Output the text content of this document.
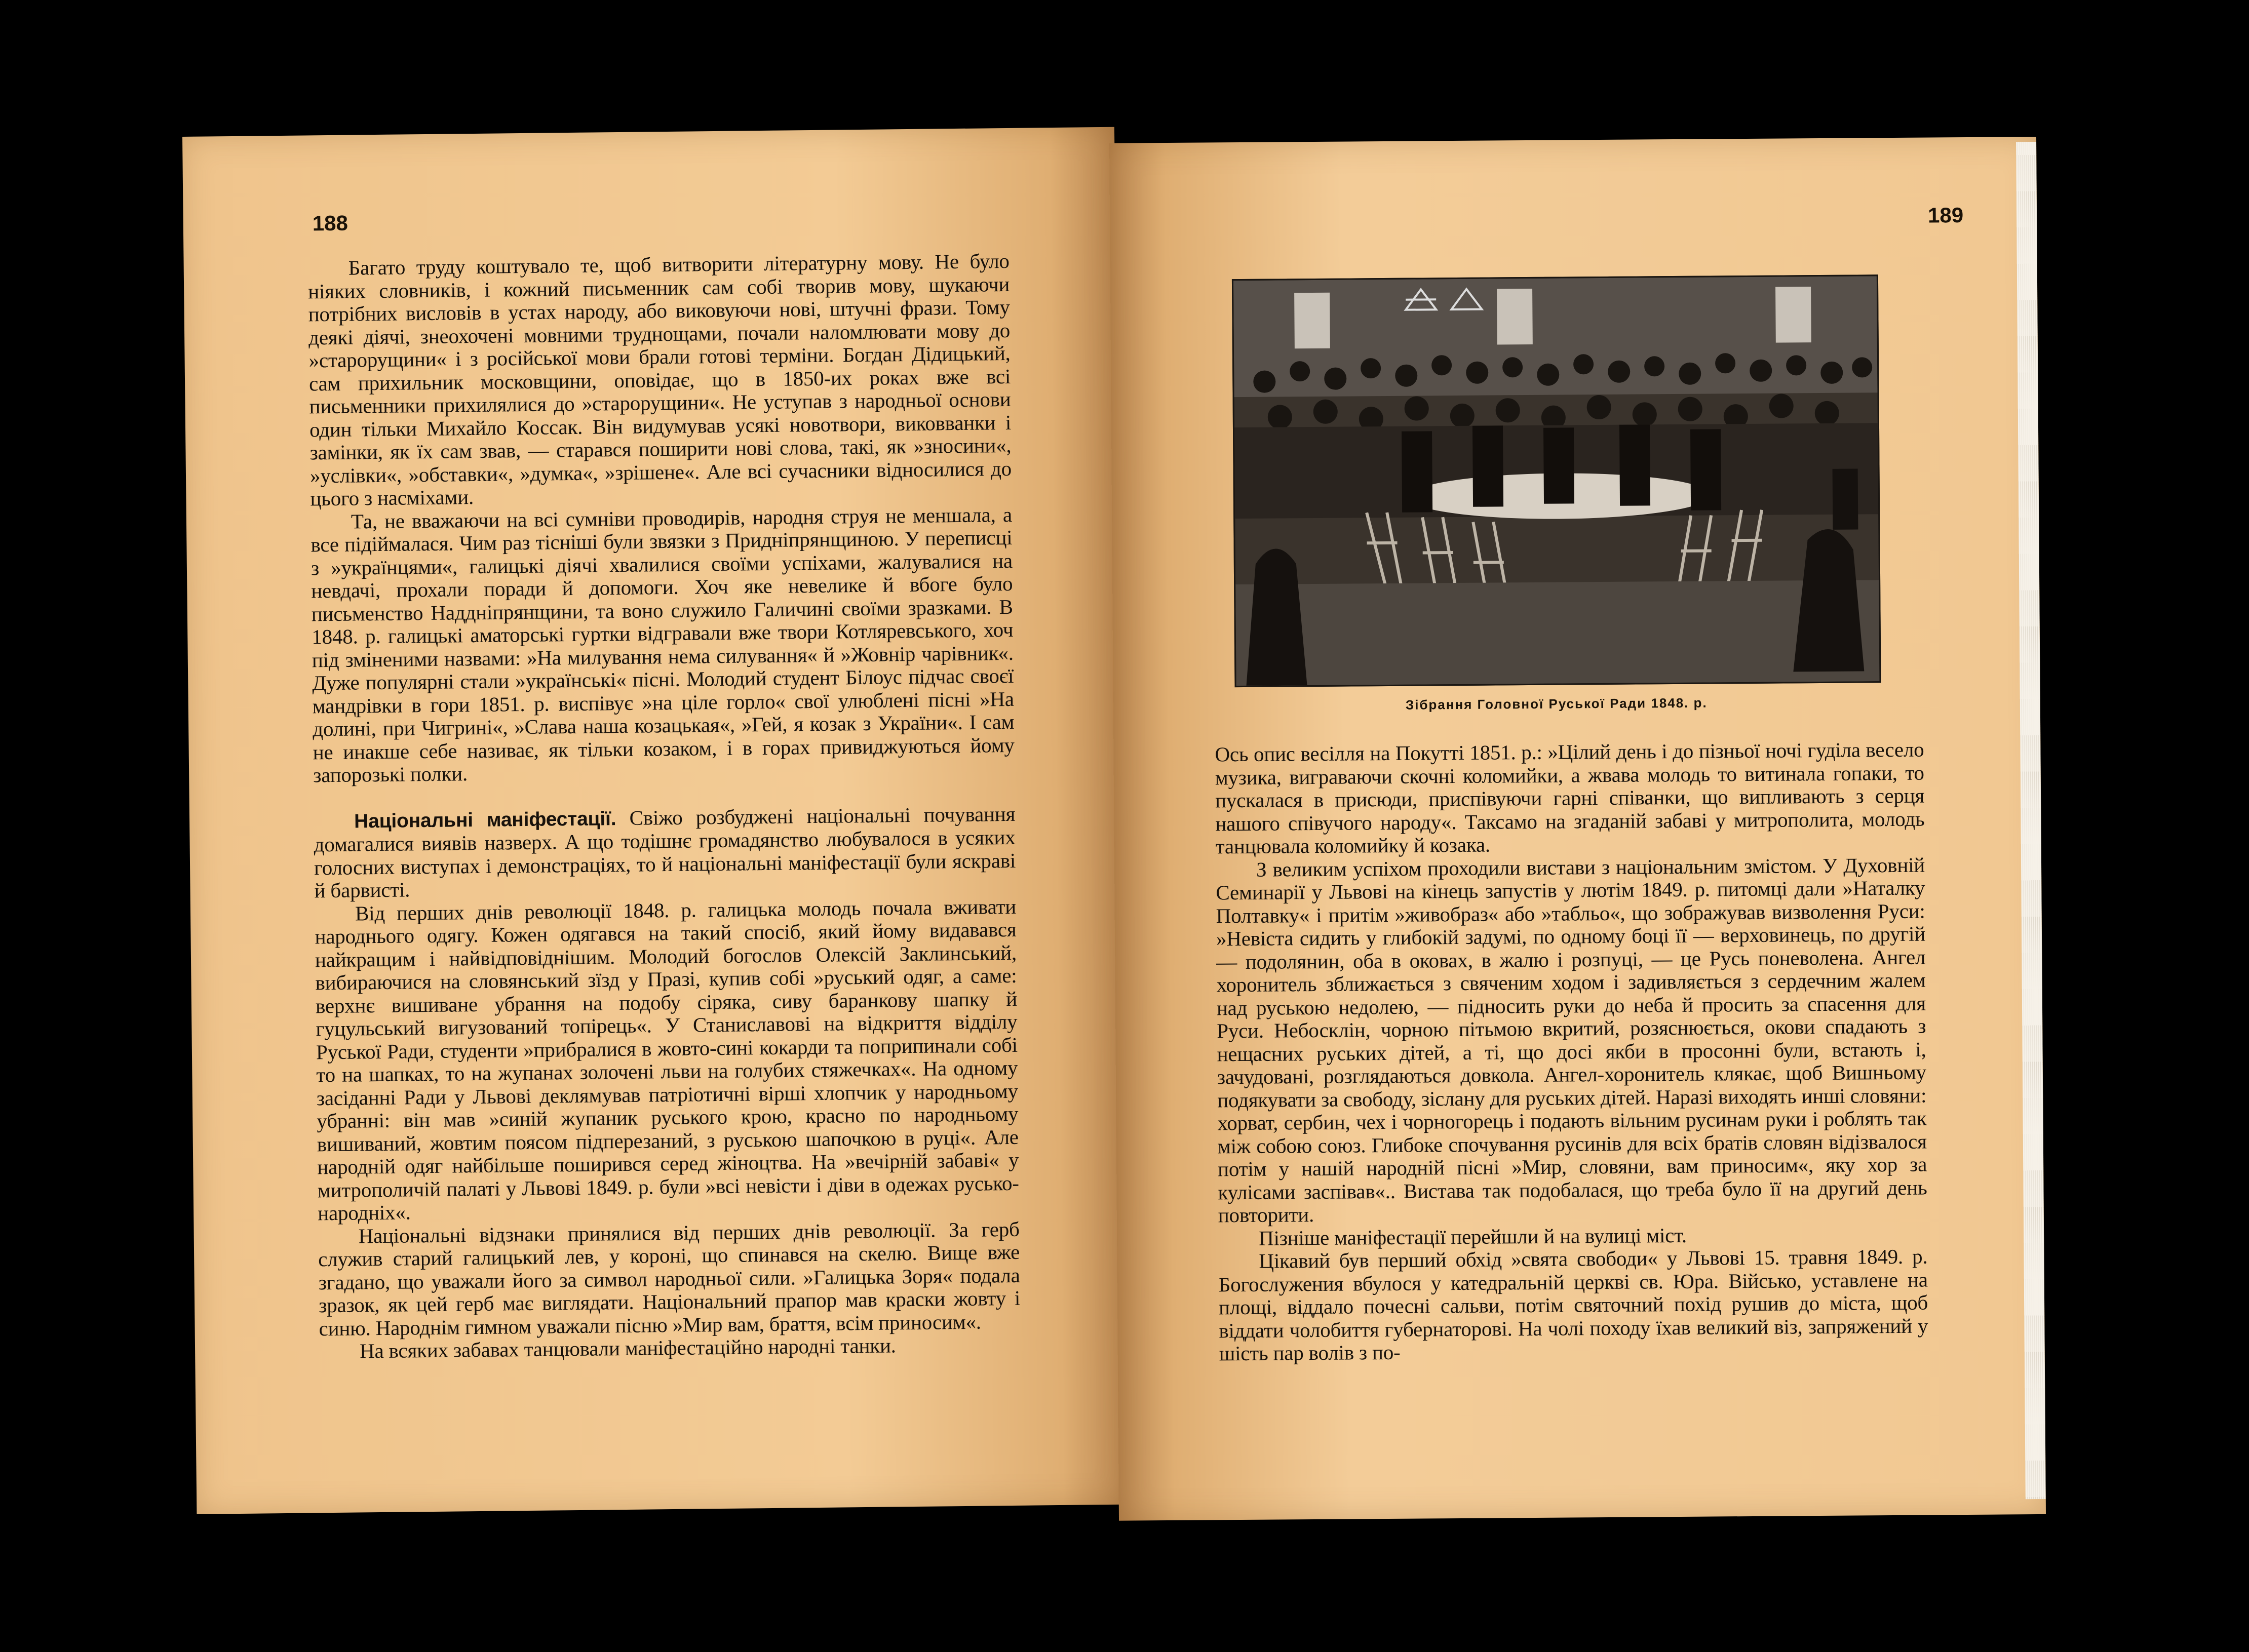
188

Багато труду коштувало те, щоб витворити літературну мову. Не було ніяких словників, і кожний письменник сам собі творив мову, шукаючи потрібних висловів в устах народу, або виковуючи нові, штучні фрази. Тому деякі діячі, знеохочені мовними труднощами, почали наломлювати мову до »старорущини« і з російської мови брали готові терміни. Богдан Дідицький, сам прихильник московщини, оповідає, що в 1850-их роках вже всі письменники прихилялися до »старорущини«. Не уступав з народньої основи один тільки Михайло Коссак. Він видумував усякі новотвори, виковванки і замінки, як їх сам звав, — старався поширити нові слова, такі, як »зносини«, »услівки«, »обставки«, »думка«, »зрішене«. Але всі сучасники відносилися до цього з насміхами.

Та, не вважаючи на всі сумніви проводирів, народня струя не меншала, а все підіймалася. Чим раз тісніші були звязки з Придніпрянщиною. У переписці з »українцями«, галицькі діячі хвалилися своїми успіхами, жалувалися на невдачі, прохали поради й допомоги. Хоч яке невелике й вбоге було письменство Наддніпрянщини, та воно служило Галичині своїми зразками. В 1848. р. галицькі аматорські гуртки відгравали вже твори Котляревського, хоч під зміненими назвами: »На милування нема силування« й »Жовнір чарівник«. Дуже популярні стали »українські« пісні. Молодий студент Білоус підчас своєї мандрівки в гори 1851. р. виспівує »на ціле горло« свої улюблені пісні »На долині, при Чигрині«, »Слава наша козацькая«, »Гей, я козак з України«. І сам не инакше себе називає, як тільки козаком, і в горах привиджуються йому запорозькі полки.

Національні маніфестації. Свіжо розбуджені національні почування домагалися виявів назверх. А що тодішнє громадянство любувалося в усяких голосних виступах і демонстраціях, то й національні маніфестації були яскраві й барвисті.

Від перших днів революції 1848. р. галицька молодь почала вживати народнього одягу. Кожен одягався на такий спосіб, який йому видавався найкращим і найвідповіднішим. Молодий богослов Олексій Заклинський, вибираючися на словянський зїзд у Празі, купив собі »руський одяг, а саме: верхнє вишиване убрання на подобу сіряка, сиву баранкову шапку й гуцульський вигузований топірець«. У Станиславові на відкриття відділу Руської Ради, студенти »прибралися в жовто-сині кокарди та поприпинали собі то на шапках, то на жупанах золочені льви на голубих стяжечках«. На одному засіданні Ради у Львові деклямував патріотичні вірші хлопчик у народньому убранні: він мав »синій жупаник руського крою, красно по народньому вишиваний, жовтим поясом підперезаний, з руською шапочкою в руці«. Але народній одяг найбільше поширився серед жіноцтва. На »вечірній забаві« у митрополичій палаті у Львові 1849. р. були »всі невісти і діви в одежах русько-народніх«.

Національні відзнаки принялися від перших днів революції. За герб служив старий галицький лев, у короні, що спинався на скелю. Вище вже згадано, що уважали його за символ народньої сили. »Галицька Зоря« подала зразок, як цей герб має виглядати. Національний прапор мав краски жовту і синю. Народнім гимном уважали пісню »Мир вам, браття, всім приносим«.

На всяких забавах танцювали маніфестаційно народні танки.

189
Зібрання Головної Руської Ради 1848. р.

Ось опис весілля на Покутті 1851. р.: »Цілий день і до пізньої ночі гуділа весело музика, виграваючи скочні коломийки, а жвава молодь то витинала гопаки, то пускалася в присюди, приспівуючи гарні співанки, що випливають з серця нашого співучого народу«. Таксамо на згаданій забаві у митрополита, молодь танцювала коломийку й козака.

З великим успіхом проходили вистави з національним змістом. У Духовній Семинарії у Львові на кінець запустів у лютім 1849. р. питомці дали »Наталку Полтавку« і притім »живобраз« або »табльо«, що зображував визволення Руси: »Невіста сидить у глибокій задумі, по одному боці її — верховинець, по другій — подолянин, оба в оковах, в жалю і розпуці, — це Русь поневолена. Ангел хоронитель зближається з свяченим ходом і задивляється з сердечним жалем над руською недолею, — підносить руки до неба й просить за спасення для Руси. Небосклін, чорною пітьмою вкритий, розяснюється, окови спадають з нещасних руських дітей, а ті, що досі якби в просонні були, встають і, зачудовані, розглядаються довкола. Ангел-хоронитель клякає, щоб Вишньому подякувати за свободу, зіслану для руських дітей. Наразі виходять инші словяни: хорват, сербин, чех і чорногорець і подають вільним русинам руки і роблять так між собою союз. Глибоке спочування русинів для всіх братів словян відізвалося потім у нашій народній пісні »Мир, словяни, вам приносим«, яку хор за кулісами заспівав«.. Вистава так подобалася, що треба було її на другий день повторити.

Пізніше маніфестації перейшли й на вулиці міст.

Цікавий був перший обхід »свята свободи« у Львові 15. травня 1849. р. Богослужения вбулося у катедральній церкві св. Юра. Військо, уставлене на площі, віддало почесні сальви, потім святочний похід рушив до міста, щоб віддати чолобиття губернаторові. На чолі походу їхав великий віз, запряжений у шість пар волів з по-
